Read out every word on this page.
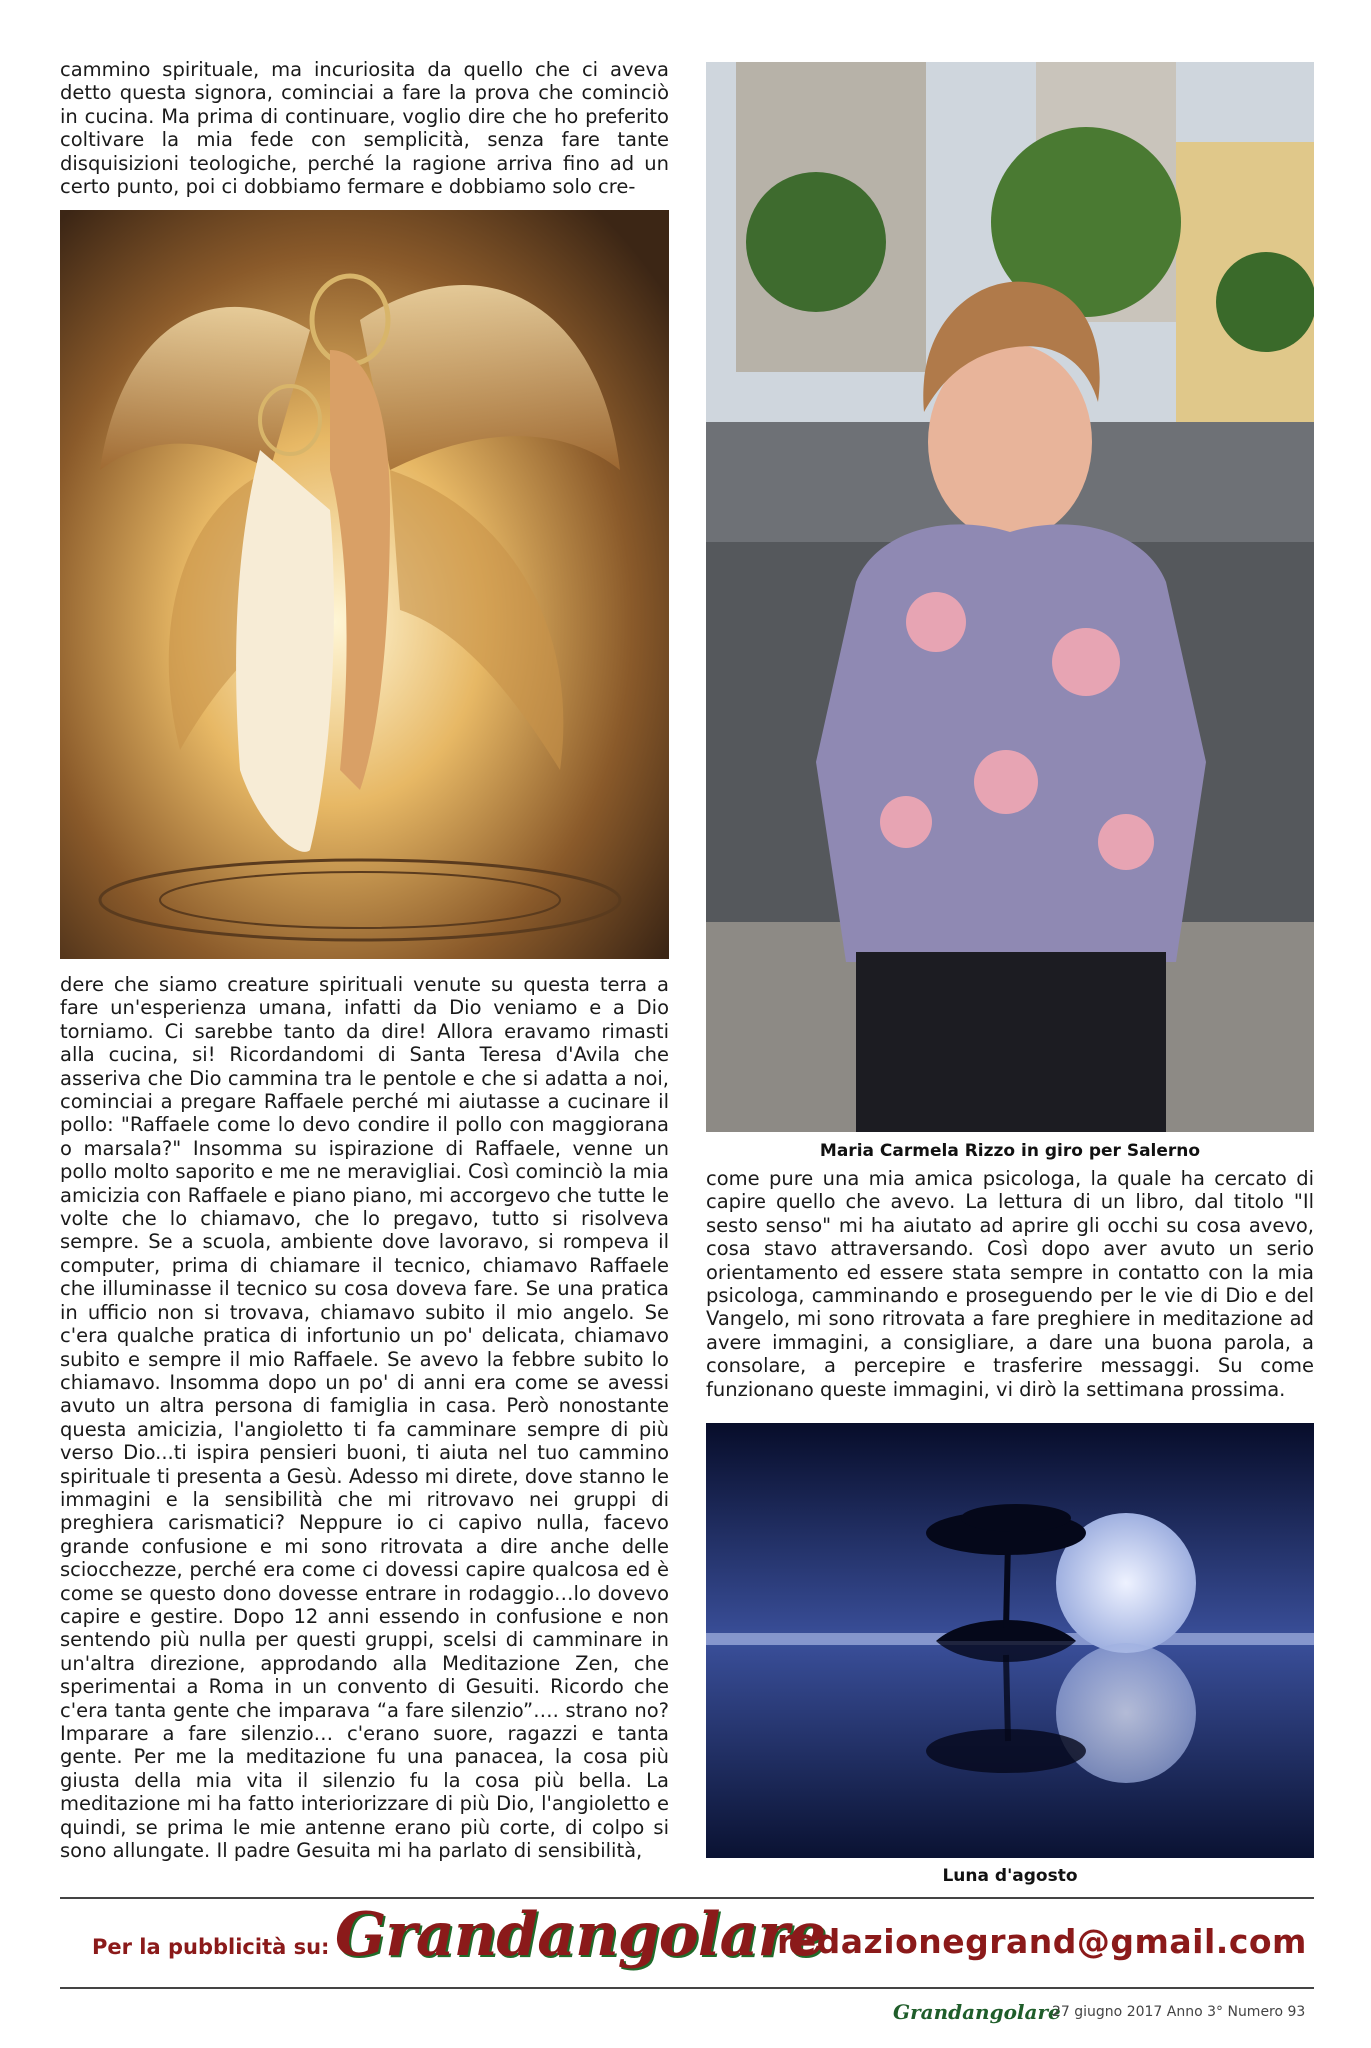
cammino spirituale, ma incuriosita da quello che ci aveva detto questa signora, cominciai a fare la prova che cominciò in cucina. Ma prima di continuare, voglio dire che ho preferito coltivare la mia fede con semplicità, senza fare tante disquisizioni teologiche, perché la ragione arriva fino ad un certo punto, poi ci dobbiamo fermare e dobbiamo solo cre-

dere che siamo creature spirituali venute su questa terra a fare un'esperienza umana, infatti da Dio veniamo e a Dio torniamo. Ci sarebbe tanto da dire! Allora eravamo rimasti alla cucina, si! Ricordandomi di Santa Teresa d'Avila che asseriva che Dio cammina tra le pentole e che si adatta a noi, cominciai a pregare Raffaele perché mi aiutasse a cucinare il pollo: "Raffaele come lo devo condire il pollo con maggiorana o marsala?" Insomma su ispirazione di Raffaele, venne un pollo molto saporito e me ne meravigliai. Così cominciò la mia amicizia con Raffaele e piano piano, mi accorgevo che tutte le volte che lo chiamavo, che lo pregavo, tutto si risolveva sempre. Se a scuola, ambiente dove lavoravo, si rompeva il computer, prima di chiamare il tecnico, chiamavo Raffaele che illuminasse il tecnico su cosa doveva fare. Se una pratica in ufficio non si trovava, chiamavo subito il mio angelo. Se c'era qualche pratica di infortunio un po' delicata, chiamavo subito e sempre il mio Raffaele. Se avevo la febbre subito lo chiamavo. Insomma dopo un po' di anni era come se avessi avuto un altra persona di famiglia in casa. Però nonostante questa amicizia, l'angioletto ti fa camminare sempre di più verso Dio...ti ispira pensieri buoni, ti aiuta nel tuo cammino spirituale ti presenta a Gesù. Adesso mi direte, dove stanno le immagini e la sensibilità che mi ritrovavo nei gruppi di preghiera carismatici? Neppure io ci capivo nulla, facevo grande confusione e mi sono ritrovata a dire anche delle sciocchezze, perché era come ci dovessi capire qualcosa ed è come se questo dono dovesse entrare in rodaggio…lo dovevo capire e gestire. Dopo 12 anni essendo in confusione e non sentendo più nulla per questi gruppi, scelsi di camminare in un'altra direzione, approdando alla Meditazione Zen, che sperimentai a Roma in un convento di Gesuiti. Ricordo che c'era tanta gente che imparava “a fare silenzio”…. strano no? Imparare a fare silenzio… c'erano suore, ragazzi e tanta gente. Per me la meditazione fu una panacea, la cosa più giusta della mia vita il silenzio fu la cosa più bella. La meditazione mi ha fatto interiorizzare di più Dio, l'angioletto e quindi, se prima le mie antenne erano più corte, di colpo si sono allungate. Il padre Gesuita mi ha parlato di sensibilità,

Maria Carmela Rizzo in giro per Salerno

come pure una mia amica psicologa, la quale ha cercato di capire quello che avevo. La lettura di un libro, dal titolo "Il sesto senso" mi ha aiutato ad aprire gli occhi su cosa avevo, cosa stavo attraversando. Così dopo aver avuto un serio orientamento ed essere stata sempre in contatto con la mia psicologa, camminando e proseguendo per le vie di Dio e del Vangelo, mi sono ritrovata a fare preghiere in meditazione ad avere immagini, a consigliare, a dare una buona parola, a consolare, a percepire e trasferire messaggi. Su come funzionano queste immagini, vi dirò la settimana prossima.

Luna d'agosto
Per la pubblicità su: Grandangolare
redazionegrand@gmail.com
Grandangolare
27 giugno 2017 Anno 3° Numero 93
